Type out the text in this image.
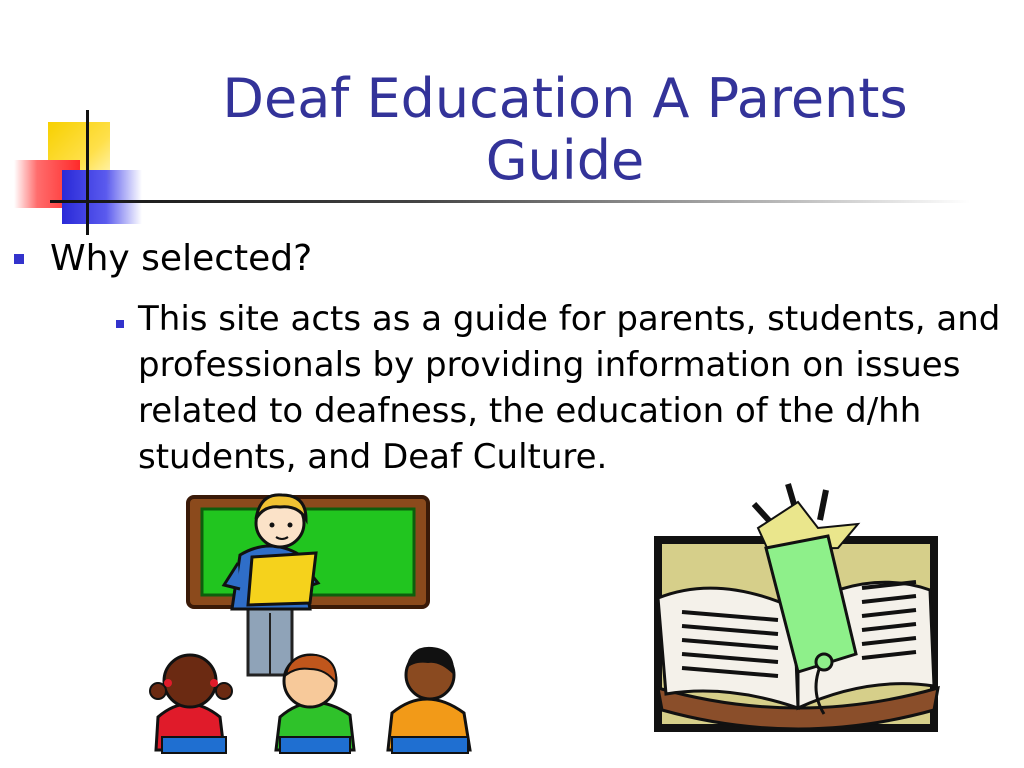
Deaf Education A Parents Guide
Why selected?
This site acts as a guide for parents, students, and professionals by providing information on issues related to deafness, the education of the d/hh students, and Deaf Culture.
